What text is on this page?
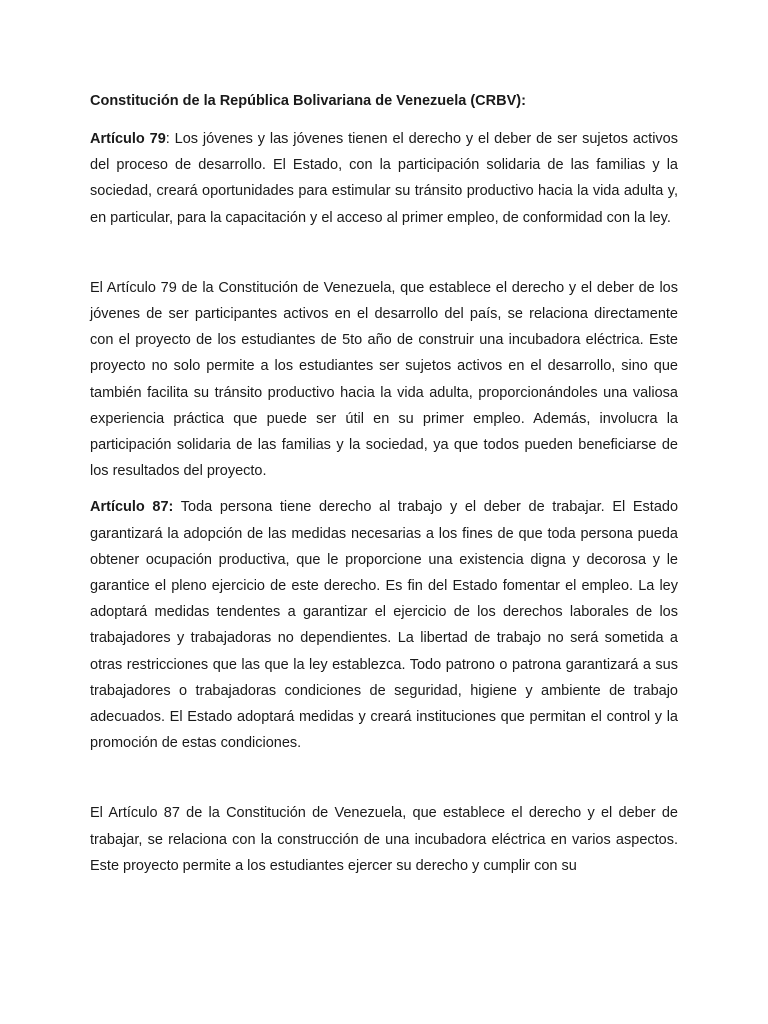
Constitución de la República Bolivariana de Venezuela (CRBV):

Artículo 79: Los jóvenes y las jóvenes tienen el derecho y el deber de ser sujetos activos del proceso de desarrollo. El Estado, con la participación solidaria de las familias y la sociedad, creará oportunidades para estimular su tránsito productivo hacia la vida adulta y, en particular, para la capacitación y el acceso al primer empleo, de conformidad con la ley.

El Artículo 79 de la Constitución de Venezuela, que establece el derecho y el deber de los jóvenes de ser participantes activos en el desarrollo del país, se relaciona directamente con el proyecto de los estudiantes de 5to año de construir una incubadora eléctrica. Este proyecto no solo permite a los estudiantes ser sujetos activos en el desarrollo, sino que también facilita su tránsito productivo hacia la vida adulta, proporcionándoles una valiosa experiencia práctica que puede ser útil en su primer empleo. Además, involucra la participación solidaria de las familias y la sociedad, ya que todos pueden beneficiarse de los resultados del proyecto.

Artículo 87: Toda persona tiene derecho al trabajo y el deber de trabajar. El Estado garantizará la adopción de las medidas necesarias a los fines de que toda persona pueda obtener ocupación productiva, que le proporcione una existencia digna y decorosa y le garantice el pleno ejercicio de este derecho. Es fin del Estado fomentar el empleo. La ley adoptará medidas tendentes a garantizar el ejercicio de los derechos laborales de los trabajadores y trabajadoras no dependientes. La libertad de trabajo no será sometida a otras restricciones que las que la ley establezca. Todo patrono o patrona garantizará a sus trabajadores o trabajadoras condiciones de seguridad, higiene y ambiente de trabajo adecuados. El Estado adoptará medidas y creará instituciones que permitan el control y la promoción de estas condiciones.

El Artículo 87 de la Constitución de Venezuela, que establece el derecho y el deber de trabajar, se relaciona con la construcción de una incubadora eléctrica en varios aspectos. Este proyecto permite a los estudiantes ejercer su derecho y cumplir con su
